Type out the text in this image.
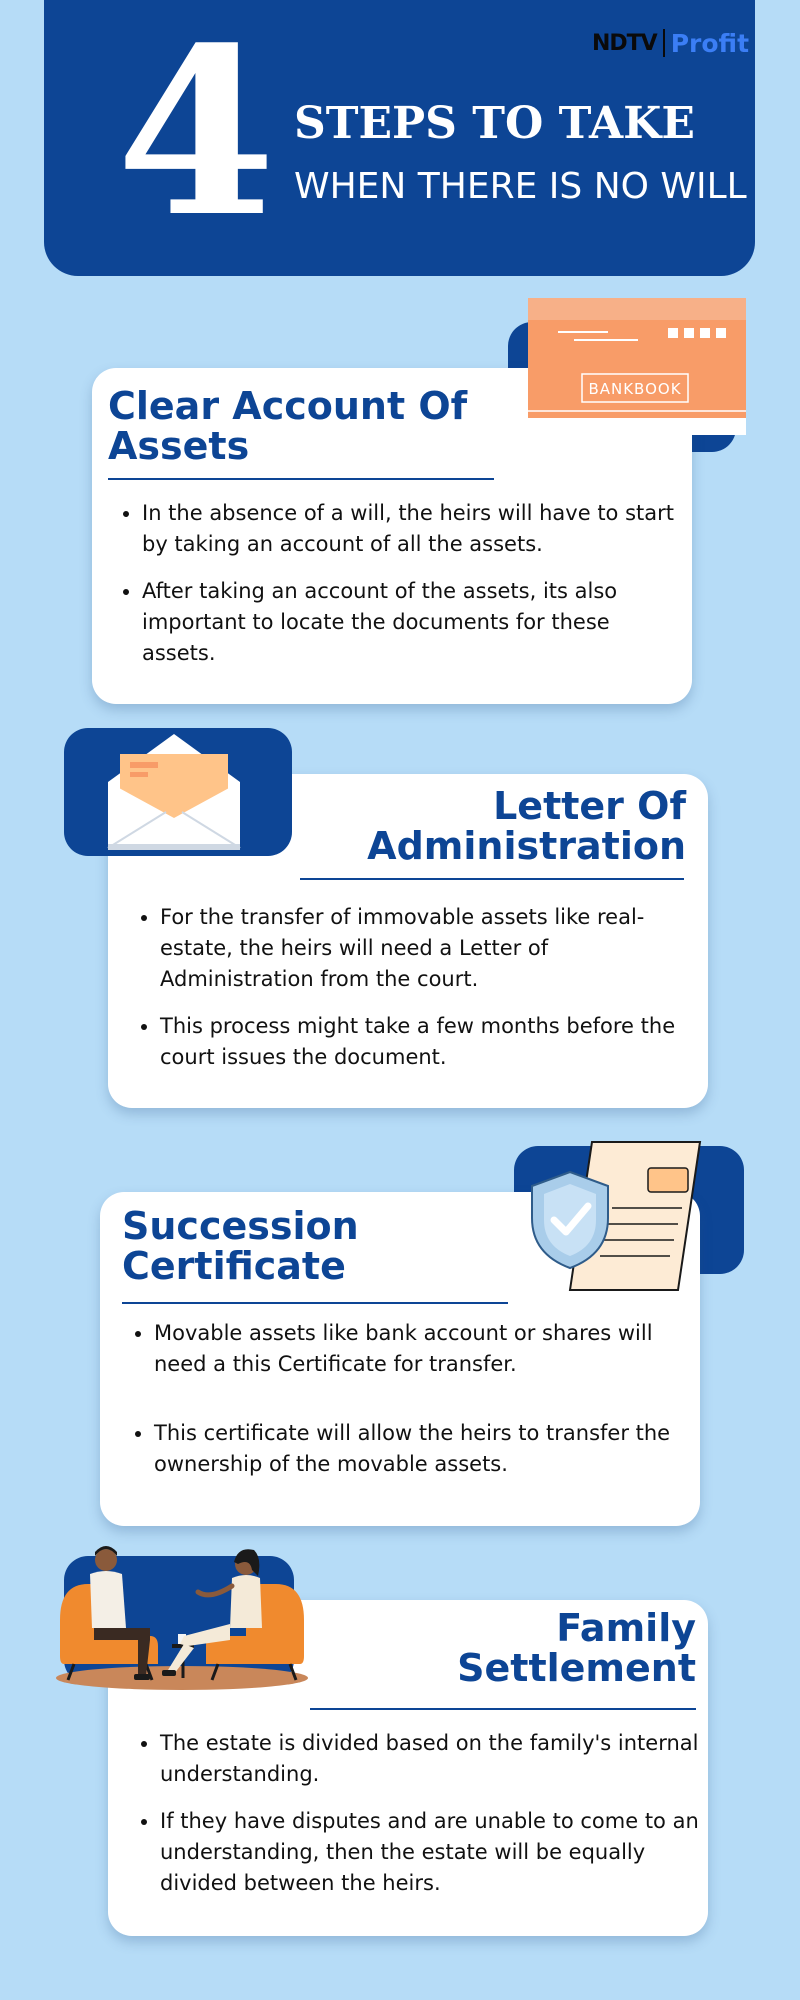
4 STEPS TO TAKE
WHEN THERE IS NO WILL
NDTV Profit
Clear Account Of
Assets
• In the absence of a will, the heirs will have to start by taking an account of all the assets.
• After taking an account of the assets, its also important to locate the documents for these assets.
BANKBOOK
Letter Of
Administration
• For the transfer of immovable assets like real-estate, the heirs will need a Letter of Administration from the court.
• This process might take a few months before the court issues the document.
Succession
Certificate
• Movable assets like bank account or shares will need a this Certificate for transfer.
• This certificate will allow the heirs to transfer the ownership of the movable assets.
Family
Settlement
• The estate is divided based on the family's internal understanding.
• If they have disputes and are unable to come to an understanding, then the estate will be equally divided between the heirs.
